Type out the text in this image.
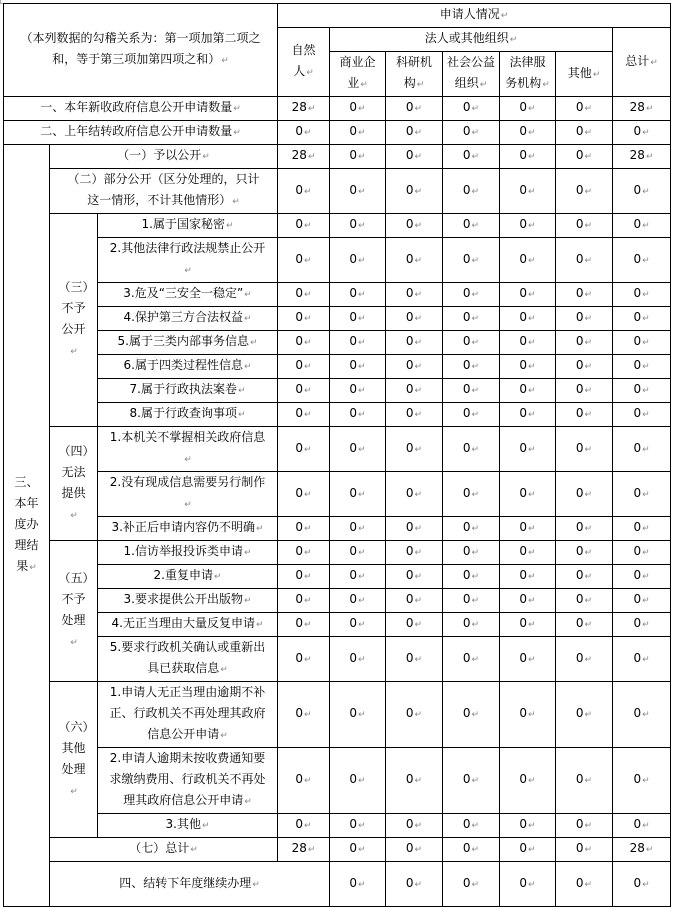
（本列数据的勾稽关系为：第一项加第二项之和，等于第三项加第四项之和） ↵			申请人情况 ↵
			自然人 ↵	法人或其他组织 ↵					总计 ↵
				商业企业 ↵	科研机构 ↵	社会公益组织 ↵	法律服务机构 ↵	其他 ↵

一、本年新收政府信息公开申请数量 ↵			28 ↵	0 ↵	0 ↵	0 ↵	0 ↵	0 ↵	28 ↵
二、上年结转政府信息公开申请数量 ↵			0 ↵	0 ↵	0 ↵	0 ↵	0 ↵	0 ↵	0 ↵
三、本年度办理结果 ↵	（一）予以公开 ↵		28 ↵	0 ↵	0 ↵	0 ↵	0 ↵	0 ↵	28 ↵
	（二）部分公开（区分处理的，只计这一情形，不计其他情形） ↵		0 ↵	0 ↵	0 ↵	0 ↵	0 ↵	0 ↵	0 ↵
	（三）不予公开 ↵	1.属于国家秘密 ↵	0 ↵	0 ↵	0 ↵	0 ↵	0 ↵	0 ↵	0 ↵
		2.其他法律行政法规禁止公开 ↵	0 ↵	0 ↵	0 ↵	0 ↵	0 ↵	0 ↵	0 ↵
		3.危及“三安全一稳定” ↵	0 ↵	0 ↵	0 ↵	0 ↵	0 ↵	0 ↵	0 ↵
		4.保护第三方合法权益 ↵	0 ↵	0 ↵	0 ↵	0 ↵	0 ↵	0 ↵	0 ↵
		5.属于三类内部事务信息 ↵	0 ↵	0 ↵	0 ↵	0 ↵	0 ↵	0 ↵	0 ↵
		6.属于四类过程性信息 ↵	0 ↵	0 ↵	0 ↵	0 ↵	0 ↵	0 ↵	0 ↵
		7.属于行政执法案卷 ↵	0 ↵	0 ↵	0 ↵	0 ↵	0 ↵	0 ↵	0 ↵
		8.属于行政查询事项 ↵	0 ↵	0 ↵	0 ↵	0 ↵	0 ↵	0 ↵	0 ↵
	（四）无法提供 ↵	1.本机关不掌握相关政府信息 ↵	0 ↵	0 ↵	0 ↵	0 ↵	0 ↵	0 ↵	0 ↵
		2.没有现成信息需要另行制作 ↵	0 ↵	0 ↵	0 ↵	0 ↵	0 ↵	0 ↵	0 ↵
		3.补正后申请内容仍不明确 ↵	0 ↵	0 ↵	0 ↵	0 ↵	0 ↵	0 ↵	0 ↵
	（五）不予处理 ↵	1.信访举报投诉类申请 ↵	0 ↵	0 ↵	0 ↵	0 ↵	0 ↵	0 ↵	0 ↵
		2.重复申请 ↵	0 ↵	0 ↵	0 ↵	0 ↵	0 ↵	0 ↵	0 ↵
		3.要求提供公开出版物 ↵	0 ↵	0 ↵	0 ↵	0 ↵	0 ↵	0 ↵	0 ↵
		4.无正当理由大量反复申请 ↵	0 ↵	0 ↵	0 ↵	0 ↵	0 ↵	0 ↵	0 ↵
		5.要求行政机关确认或重新出具已获取信息 ↵	0 ↵	0 ↵	0 ↵	0 ↵	0 ↵	0 ↵	0 ↵
	（六）其他处理 ↵	1.申请人无正当理由逾期不补正、行政机关不再处理其政府信息公开申请 ↵	0 ↵	0 ↵	0 ↵	0 ↵	0 ↵	0 ↵	0 ↵
		2.申请人逾期未按收费通知要求缴纳费用、行政机关不再处理其政府信息公开申请 ↵	0 ↵	0 ↵	0 ↵	0 ↵	0 ↵	0 ↵	0 ↵
		3.其他 ↵	0 ↵	0 ↵	0 ↵	0 ↵	0 ↵	0 ↵	0 ↵
	（七）总计 ↵		28 ↵	0 ↵	0 ↵	0 ↵	0 ↵	0 ↵	28 ↵
	四、结转下年度继续办理 ↵			0 ↵	0 ↵	0 ↵	0 ↵	0 ↵	0 ↵	
